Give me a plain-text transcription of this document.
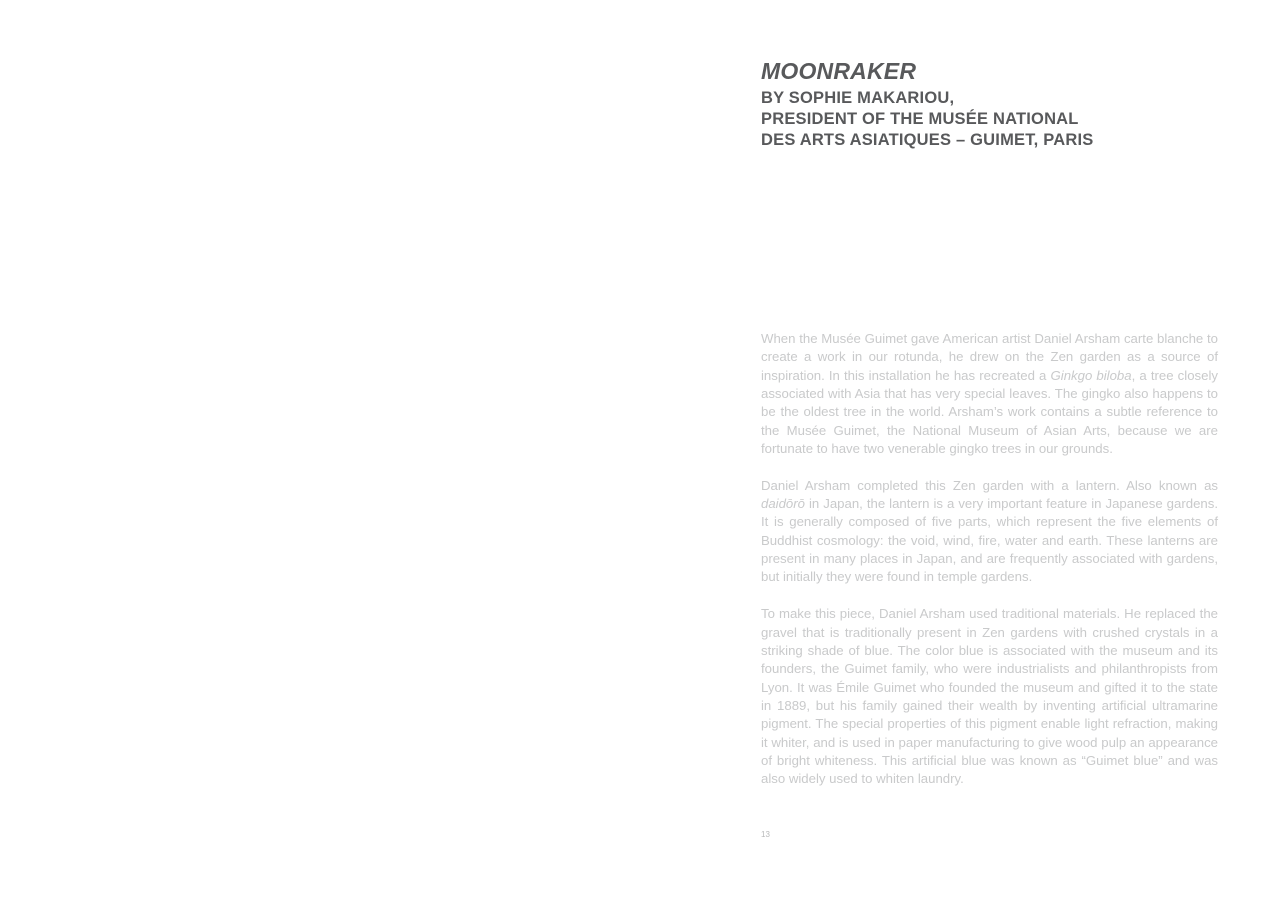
MOONRAKER

BY SOPHIE MAKARIOU,

PRESIDENT OF THE MUSÉE NATIONAL

DES ARTS ASIATIQUES – GUIMET, PARIS

When the Musée Guimet gave American artist Daniel Arsham carte blanche to create a work in our rotunda, he drew on the Zen garden as a source of inspiration. In this installation he has recreated a Ginkgo biloba, a tree closely associated with Asia that has very special leaves. The gingko also happens to be the oldest tree in the world. Arsham’s work contains a subtle reference to the Musée Guimet, the National Museum of Asian Arts, because we are fortunate to have two venerable gingko trees in our grounds.

Daniel Arsham completed this Zen garden with a lantern. Also known as daidōrō in Japan, the lantern is a very important feature in Japanese gardens. It is generally composed of five parts, which represent the five elements of Buddhist cosmology: the void, wind, fire, water and earth. These lanterns are present in many places in Japan, and are frequently associated with gardens, but initially they were found in temple gardens.

To make this piece, Daniel Arsham used traditional materials. He replaced the gravel that is traditionally present in Zen gardens with crushed crystals in a striking shade of blue. The color blue is associated with the museum and its founders, the Guimet family, who were industrialists and philanthropists from Lyon. It was Émile Guimet who founded the museum and gifted it to the state in 1889, but his family gained their wealth by inventing artificial ultramarine pigment. The special properties of this pigment enable light refraction, making it whiter, and is used in paper manufacturing to give wood pulp an appearance of bright whiteness. This artificial blue was known as “Guimet blue” and was also widely used to whiten laundry.

13
